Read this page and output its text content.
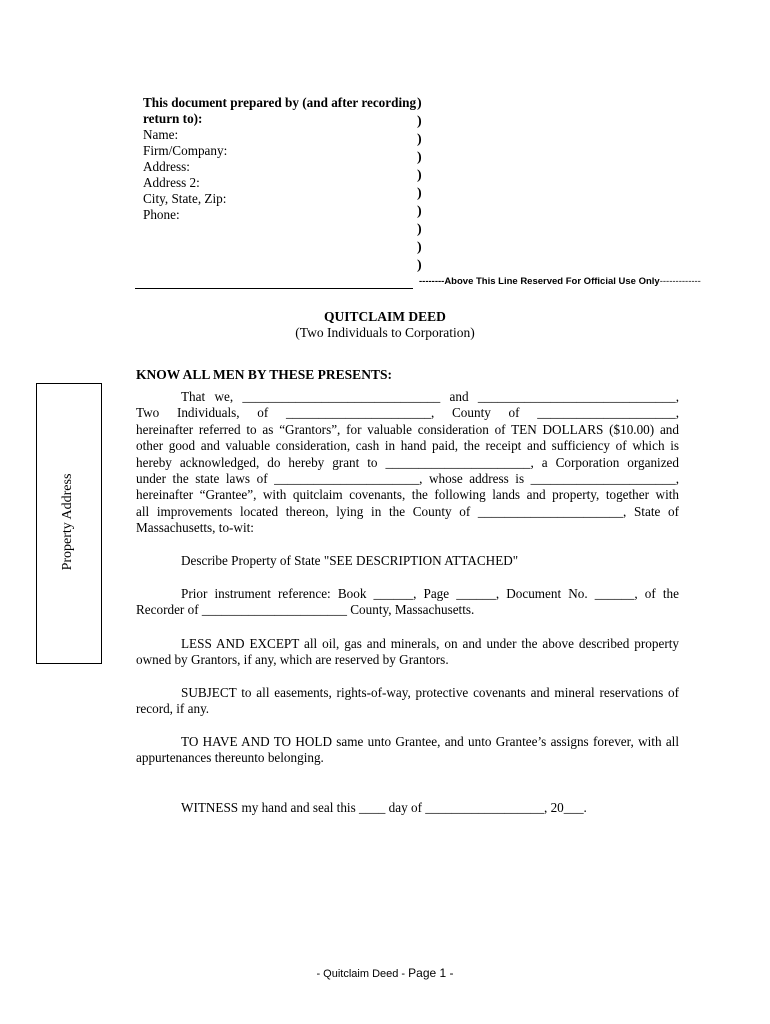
This document prepared by (and after recording return to):
Name:
Firm/Company:
Address:
Address 2:
City, State, Zip:
Phone:
)
)
)
)
)
)
)
)
)
)
--------Above This Line Reserved For Official Use Only-------------
QUITCLAIM DEED
(Two Individuals to Corporation)
KNOW ALL MEN BY THESE PRESENTS:
Property Address
That we, ______________________________ and ______________________________,
Two Individuals, of ______________________, County of _____________________,
hereinafter referred to as “Grantors”, for valuable consideration of TEN DOLLARS ($10.00) and
other good and valuable consideration, cash in hand paid, the receipt and sufficiency of which is
hereby acknowledged, do hereby grant to ______________________, a Corporation organized
under the state laws of ______________________, whose address is ______________________,
hereinafter “Grantee”, with quitclaim covenants, the following lands and property, together with
all improvements located thereon, lying in the County of ______________________, State of
Massachusetts, to-wit:
Describe Property of State "SEE DESCRIPTION ATTACHED"
Prior instrument reference: Book ______, Page ______, Document No. ______, of the
Recorder of ______________________ County, Massachusetts.
LESS AND EXCEPT all oil, gas and minerals, on and under the above described property owned by Grantors, if any, which are reserved by Grantors.
SUBJECT to all easements, rights-of-way, protective covenants and mineral reservations of record, if any.
TO HAVE AND TO HOLD same unto Grantee, and unto Grantee’s assigns forever, with all appurtenances thereunto belonging.
WITNESS my hand and seal this ____ day of __________________, 20___.
- Quitclaim Deed - Page 1 -
